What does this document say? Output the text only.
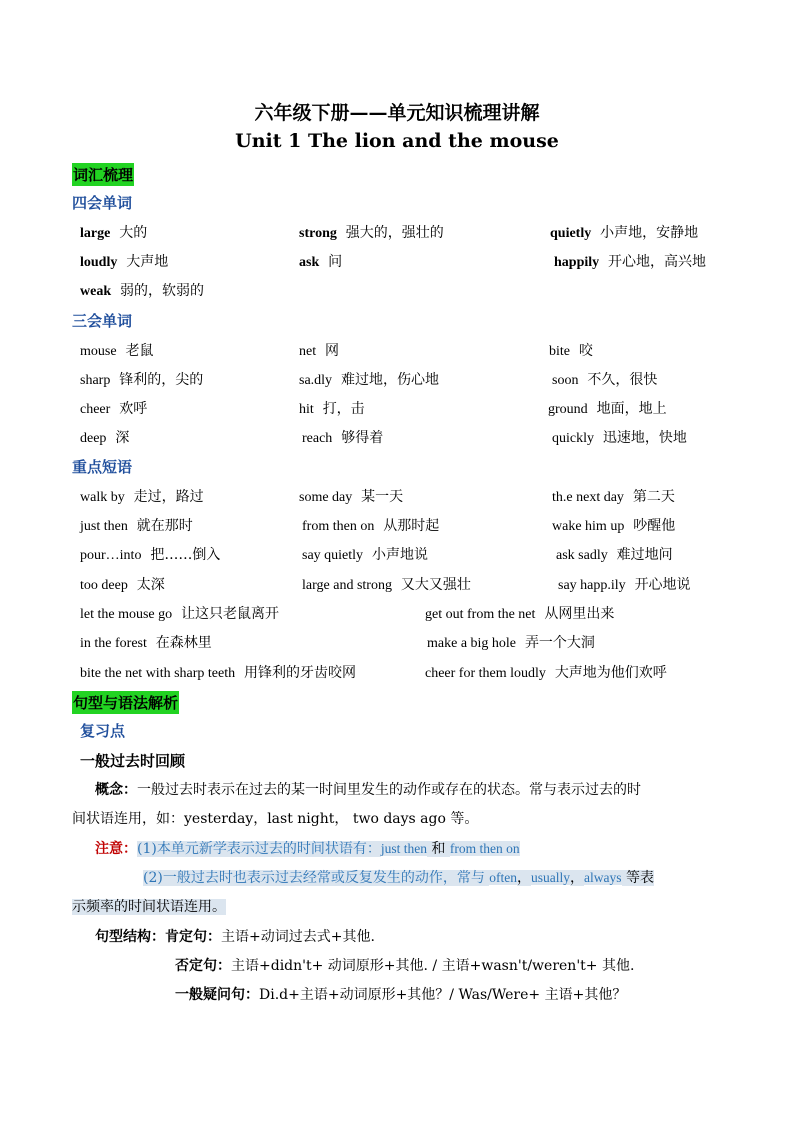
六年级下册——单元知识梳理讲解
Unit 1 The lion and the mouse
词汇梳理
四会单词
large 大的	strong 强大的，强壮的	quietly 小声地，安静地
loudly 大声地	ask 问	happily 开心地，高兴地
weak 弱的，软弱的
三会单词
mouse 老鼠	net 网	bite 咬
sharp 锋利的，尖的	sa.dly 难过地，伤心地	soon 不久，很快
cheer 欢呼	hit 打，击	ground 地面，地上
deep 深	reach 够得着	quickly 迅速地，快地
重点短语
walk by 走过，路过	some day 某一天	th.e next day 第二天
just then 就在那时	from then on 从那时起	wake him up 吵醒他
pour…into 把……倒入	say quietly 小声地说	ask sadly 难过地问
too deep 太深	large and strong 又大又强壮	say happ.ily 开心地说
let the mouse go 让这只老鼠离开	get out from the net 从网里出来
in the forest 在森林里	make a big hole 弄一个大洞
bite the net with sharp teeth 用锋利的牙齿咬网	cheer for them loudly 大声地为他们欢呼
句型与语法解析
复习点
一般过去时回顾
概念：一般过去时表示在过去的某一时间里发生的动作或存在的状态。常与表示过去的时
间状语连用，如：yesterday，last night， two days ago 等。
注意：(1)本单元新学表示过去的时间状语有：just then 和 from then on
(2)一般过去时也表示过去经常或反复发生的动作，常与 often，usually，always 等表
示频率的时间状语连用。
句型结构：肯定句：主语+动词过去式+其他.
否定句：主语+didn't+ 动词原形+其他. / 主语+wasn't/weren't+ 其他.
一般疑问句：Di.d+主语+动词原形+其他？/ Was/Were+ 主语+其他？
